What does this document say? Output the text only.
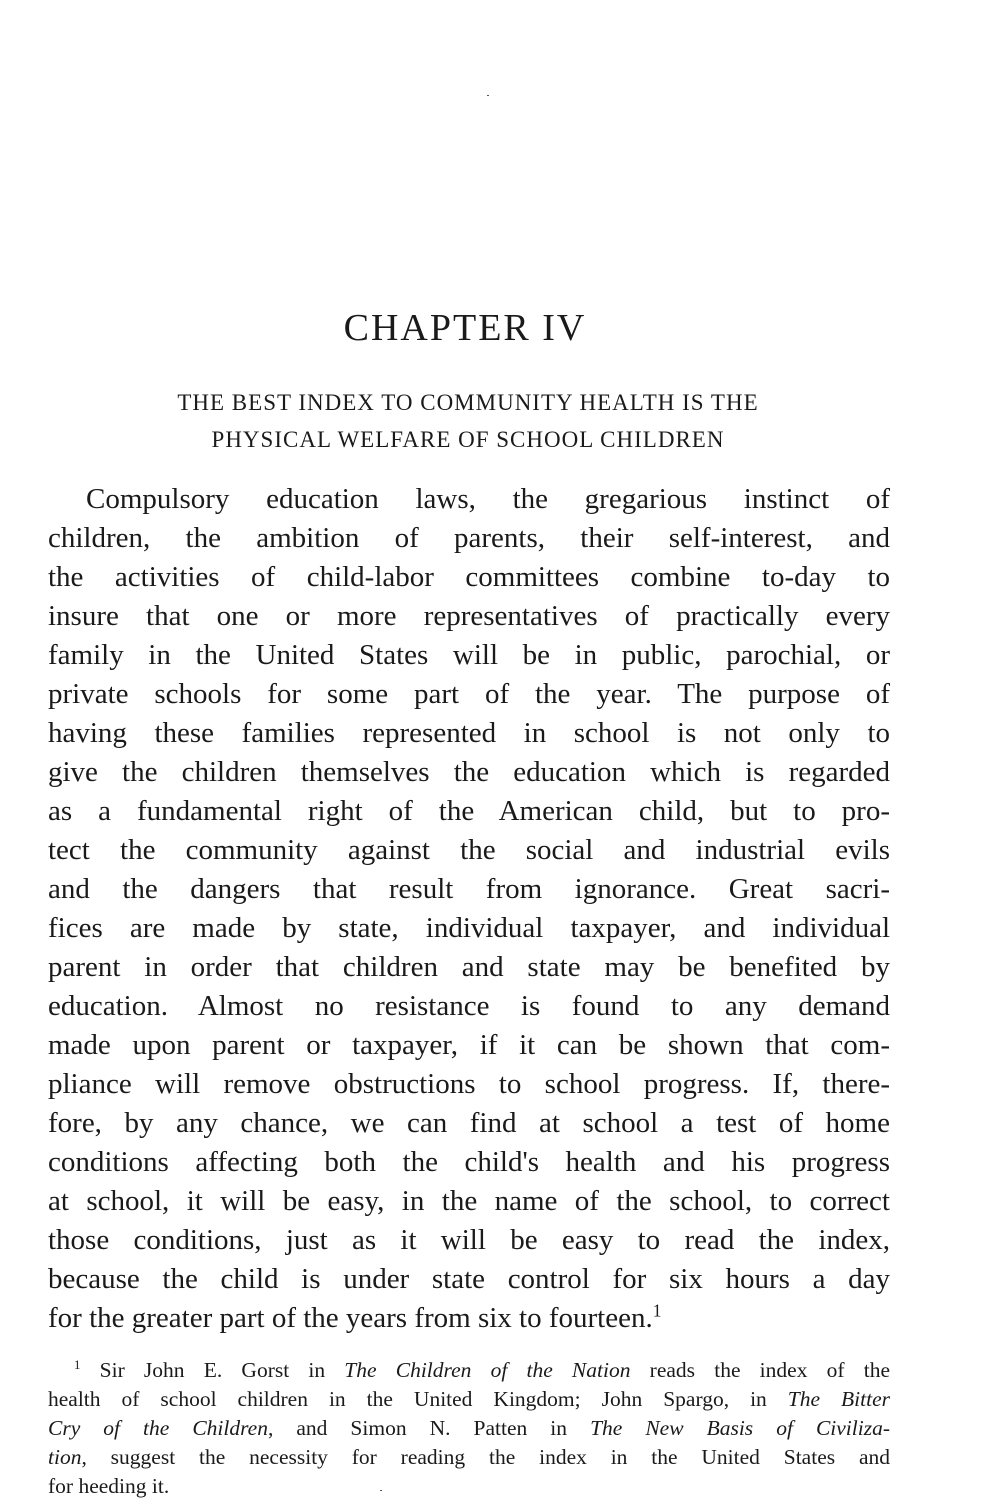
CHAPTER IV
THE BEST INDEX TO COMMUNITY HEALTH IS THE
PHYSICAL WELFARE OF SCHOOL CHILDREN
Compulsory education laws, the gregarious instinct of
children, the ambition of parents, their self-interest, and
the activities of child-labor committees combine to-day to
insure that one or more representatives of practically every
family in the United States will be in public, parochial, or
private schools for some part of the year. The purpose of
having these families represented in school is not only to
give the children themselves the education which is regarded
as a fundamental right of the American child, but to pro-
tect the community against the social and industrial evils
and the dangers that result from ignorance. Great sacri-
fices are made by state, individual taxpayer, and individual
parent in order that children and state may be benefited by
education. Almost no resistance is found to any demand
made upon parent or taxpayer, if it can be shown that com-
pliance will remove obstructions to school progress. If, there-
fore, by any chance, we can find at school a test of home
conditions affecting both the child's health and his progress
at school, it will be easy, in the name of the school, to correct
those conditions, just as it will be easy to read the index,
because the child is under state control for six hours a day
for the greater part of the years from six to fourteen.$^1$
$^1$ Sir John E. Gorst in The Children of the Nation reads the index of the
health of school children in the United Kingdom; John Spargo, in The Bitter
Cry of the Children, and Simon N. Patten in The New Basis of Civiliza-
tion, suggest the necessity for reading the index in the United States and
for heeding it.
